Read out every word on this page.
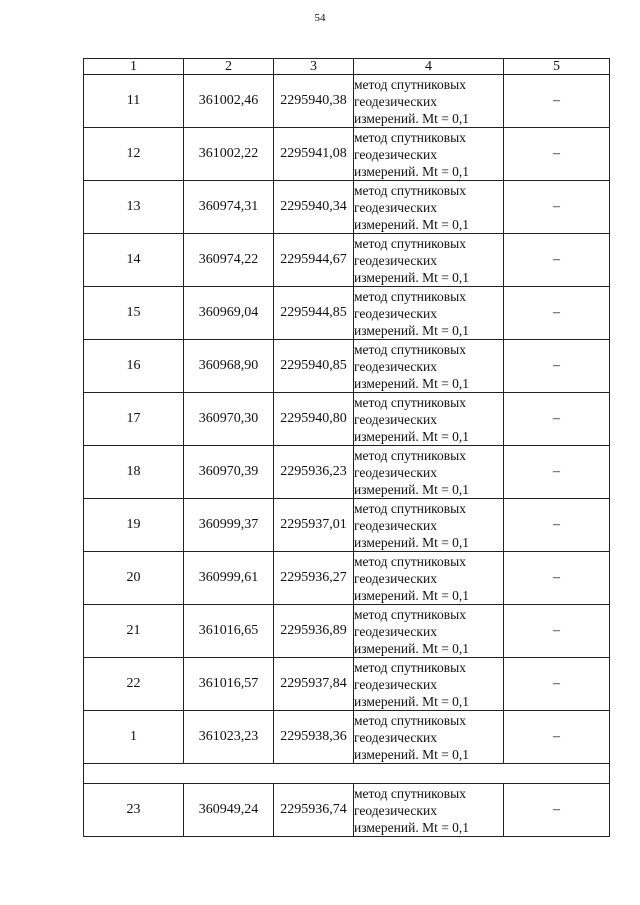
54
1	2	3	4	5
11	361002,46	2295940,38	метод спутниковых
геодезических
измерений. Mt = 0,1	–
12	361002,22	2295941,08	метод спутниковых
геодезических
измерений. Mt = 0,1	–
13	360974,31	2295940,34	метод спутниковых
геодезических
измерений. Mt = 0,1	–
14	360974,22	2295944,67	метод спутниковых
геодезических
измерений. Mt = 0,1	–
15	360969,04	2295944,85	метод спутниковых
геодезических
измерений. Mt = 0,1	–
16	360968,90	2295940,85	метод спутниковых
геодезических
измерений. Mt = 0,1	–
17	360970,30	2295940,80	метод спутниковых
геодезических
измерений. Mt = 0,1	–
18	360970,39	2295936,23	метод спутниковых
геодезических
измерений. Mt = 0,1	–
19	360999,37	2295937,01	метод спутниковых
геодезических
измерений. Mt = 0,1	–
20	360999,61	2295936,27	метод спутниковых
геодезических
измерений. Mt = 0,1	–
21	361016,65	2295936,89	метод спутниковых
геодезических
измерений. Mt = 0,1	–
22	361016,57	2295937,84	метод спутниковых
геодезических
измерений. Mt = 0,1	–
1	361023,23	2295938,36	метод спутниковых
геодезических
измерений. Mt = 0,1	–

23	360949,24	2295936,74	метод спутниковых
геодезических
измерений. Mt = 0,1	–
